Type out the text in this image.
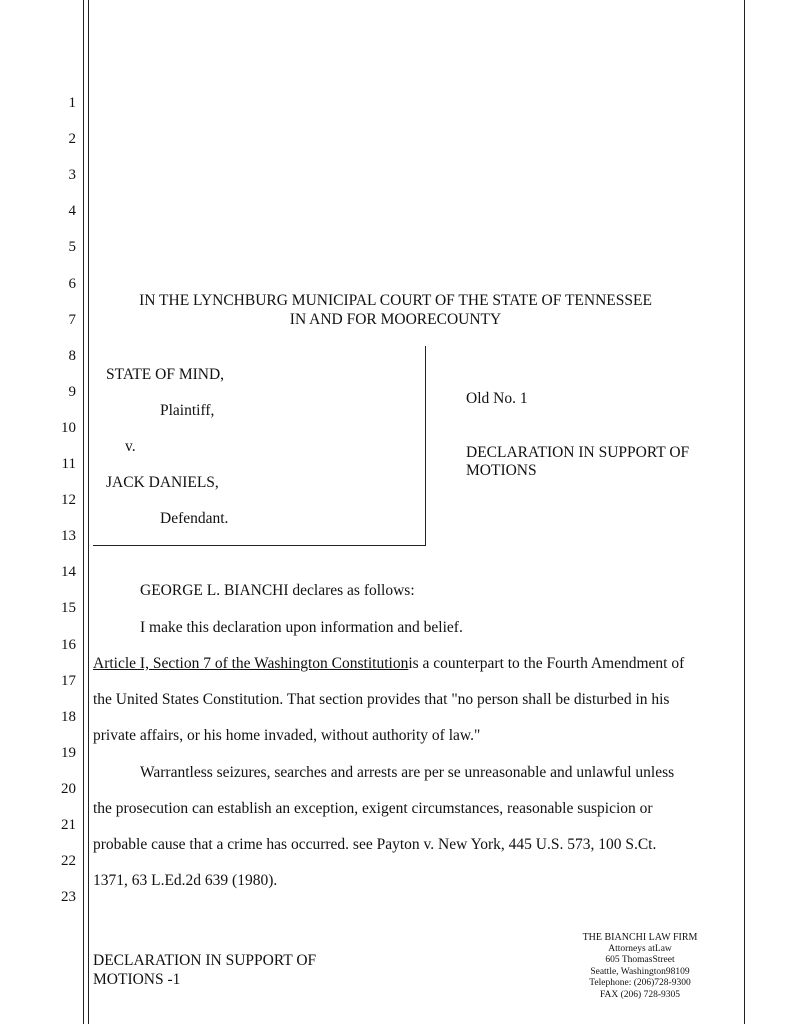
1
2
3
4
5
6
7
8
9
10
11
12
13
14
15
16
17
18
19
20
21
22
23
IN THE LYNCHBURG MUNICIPAL COURT OF THE STATE OF TENNESSEE
IN AND FOR MOORECOUNTY
STATE OF MIND,
Plaintiff,
v.
JACK DANIELS,
Defendant.
Old No. 1
DECLARATION IN SUPPORT OF
MOTIONS
GEORGE L. BIANCHI declares as follows:
I make this declaration upon information and belief.
Article I, Section 7 of the Washington Constitutionis a counterpart to the Fourth Amendment of
the United States Constitution. That section provides that "no person shall be disturbed in his
private affairs, or his home invaded, without authority of law."
Warrantless seizures, searches and arrests are per se unreasonable and unlawful unless
the prosecution can establish an exception, exigent circumstances, reasonable suspicion or
probable cause that a crime has occurred. see Payton v. New York, 445 U.S. 573, 100 S.Ct.
1371, 63 L.Ed.2d 639 (1980).
DECLARATION IN SUPPORT OF
MOTIONS -1
THE BIANCHI LAW FIRM
Attorneys atLaw
605 ThomasStreet
Seattle, Washington98109
Telephone: (206)728-9300
FAX (206) 728-9305
